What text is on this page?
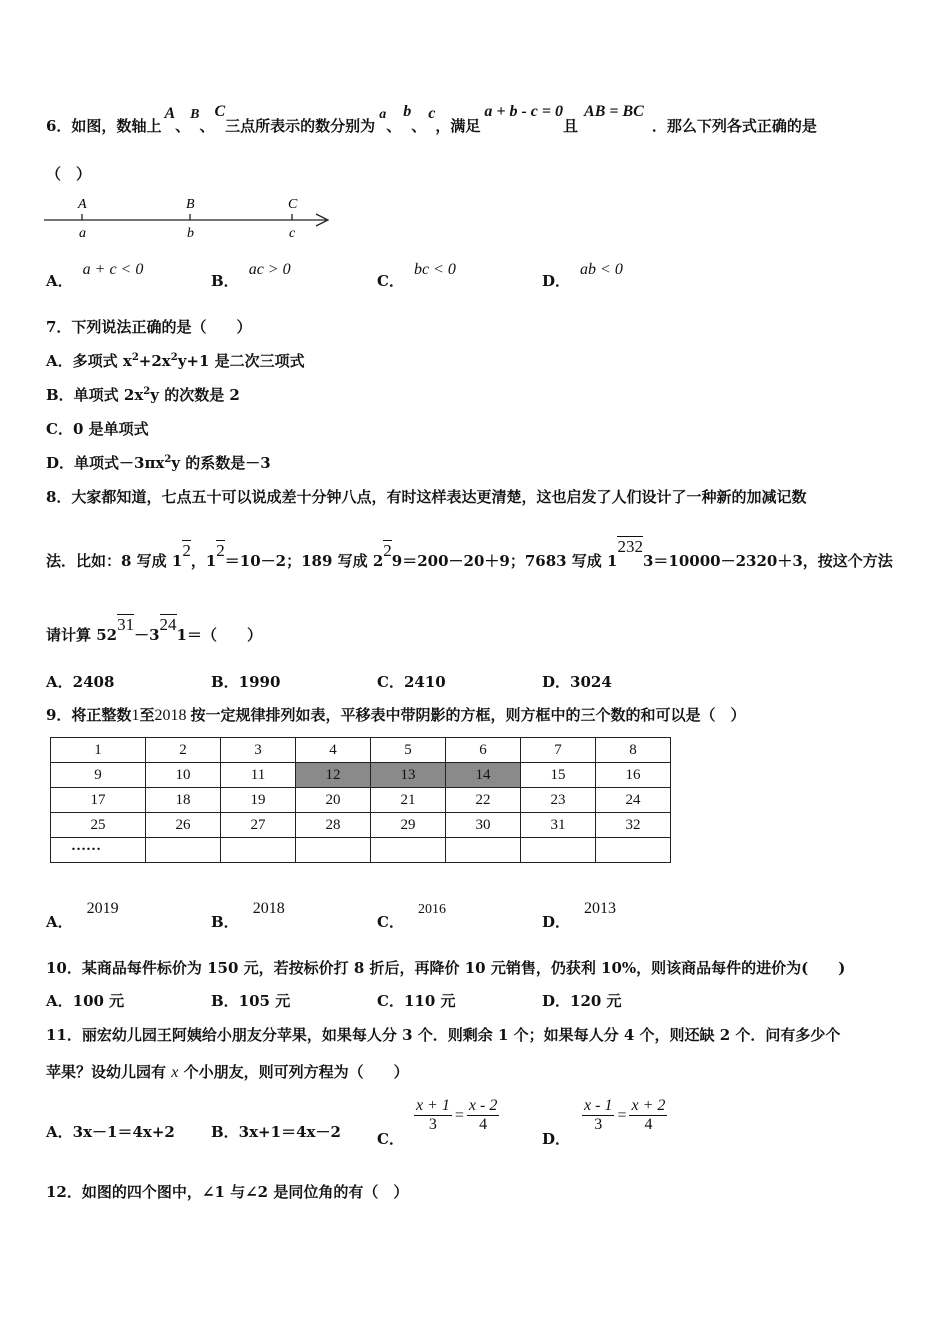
6．如图，数轴上A、B、C三点所表示的数分别为a、b、c，满足a + b - c = 0且AB = BC．那么下列各式正确的是
（　）
A
a
B
b
C
c
A．a + c < 0
B．ac > 0
C．bc < 0
D．ab < 0
7．下列说法正确的是（　　）
A．多项式 $x^2+2x^2y+1$ 是二次三项式
B．单项式 $2x^2y$ 的次数是 2
C．0 是单项式
D．单项式$-3\pi x^2y$ 的系数是－3
8．大家都知道，七点五十可以说成差十分钟八点，有时这样表达更清楚，这也启发了人们设计了一种新的加减记数
法．比如：8 写成 12，12＝10－2；189 写成 229＝200－20＋9；7683 写成 12323＝10000－2320＋3，按这个方法
请计算 5231－3241＝（　　）
A．2408	B．1990	C．2410	D．3024
9．将正整数1至2018 按一定规律排列如表，平移表中带阴影的方框，则方框中的三个数的和可以是（　）
1	2	3	4	5	6	7	8
9	10	11	12	13	14	15	16
17	18	19	20	21	22	23	24
25	26	27	28	29	30	31	32
……							
A．2019
B．2018
C．2016
D．2013
10．某商品每件标价为 150 元，若按标价打 8 折后，再降价 10 元销售，仍获利 10%，则该商品每件的进价为(　　)
A．100 元	B．105 元	C．110 元	D．120 元
11．丽宏幼儿园王阿姨给小朋友分苹果，如果每人分 3 个．则剩余 1 个；如果每人分 4 个，则还缺 2 个．问有多少个
苹果？设幼儿园有 x 个小朋友，则可列方程为（　　）
A．3x－1＝4x+2 B．3x+1＝4x－2 C．
$\frac{x + 1}{3} = \frac{x - 2}{4}$
D．
$\frac{x - 1}{3} = \frac{x + 2}{4}$
12．如图的四个图中，∠1 与∠2 是同位角的有（　）
